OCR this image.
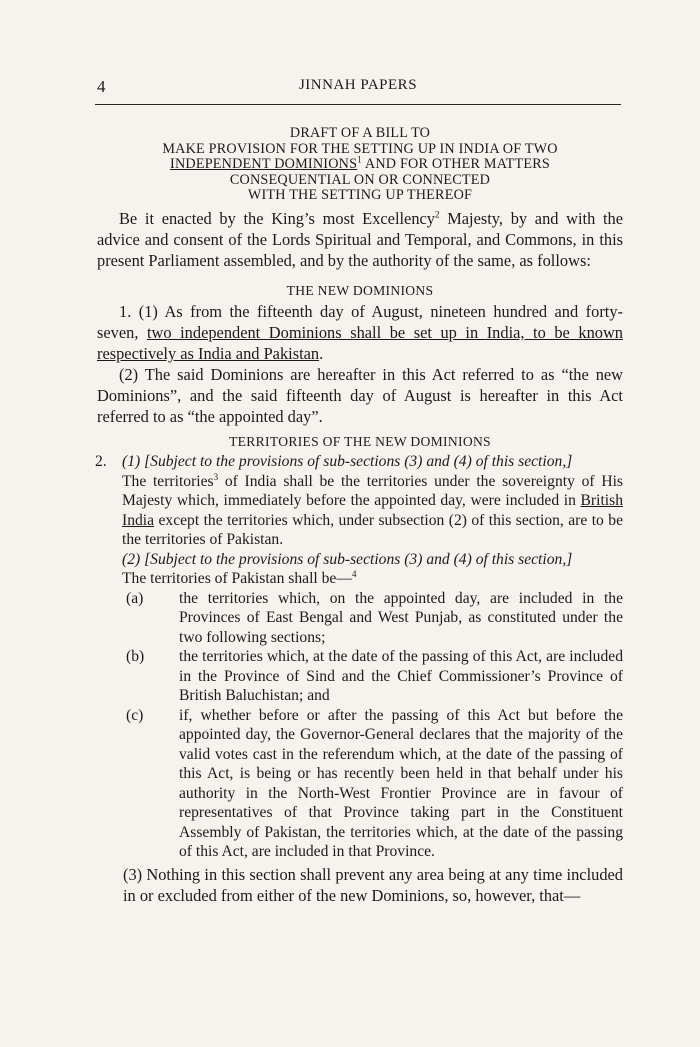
4	JINNAH PAPERS
DRAFT OF A BILL TO
MAKE PROVISION FOR THE SETTING UP IN INDIA OF TWO
INDEPENDENT DOMINIONS$^1$ AND FOR OTHER MATTERS
CONSEQUENTIAL ON OR CONNECTED
WITH THE SETTING UP THEREOF

Be it enacted by the King’s most Excellency$^2$ Majesty, by and with the advice and consent of the Lords Spiritual and Temporal, and Commons, in this present Parliament assembled, and by the authority of the same, as follows:

THE NEW DOMINIONS

1. (1) As from the fifteenth day of August, nineteen hundred and forty-seven, two independent Dominions shall be set up in India, to be known respectively as India and Pakistan.

(2) The said Dominions are hereafter in this Act referred to as “the new Dominions”, and the said fifteenth day of August is hereafter in this Act referred to as “the appointed day”.

TERRITORIES OF THE NEW DOMINIONS
2. (1) [Subject to the provisions of sub-sections (3) and (4) of this section,]

The territories$^3$ of India shall be the territories under the sovereignty of His Majesty which, immediately before the appointed day, were included in British India except the territories which, under subsection (2) of this section, are to be the territories of Pakistan.

(2) [Subject to the provisions of sub-sections (3) and (4) of this section,]

The territories of Pakistan shall be—$^4$

(a) the territories which, on the appointed day, are included in the Provinces of East Bengal and West Punjab, as constituted under the two following sections;

(b) the territories which, at the date of the passing of this Act, are included in the Province of Sind and the Chief Commissioner’s Province of British Baluchistan; and

(c) if, whether before or after the passing of this Act but before the appointed day, the Governor-General declares that the majority of the valid votes cast in the referendum which, at the date of the passing of this Act, is being or has recently been held in that behalf under his authority in the North-West Frontier Province are in favour of representatives of that Province taking part in the Constituent Assembly of Pakistan, the territories which, at the date of the passing of this Act, are included in that Province.

(3) Nothing in this section shall prevent any area being at any time included in or excluded from either of the new Dominions, so, however, that—
